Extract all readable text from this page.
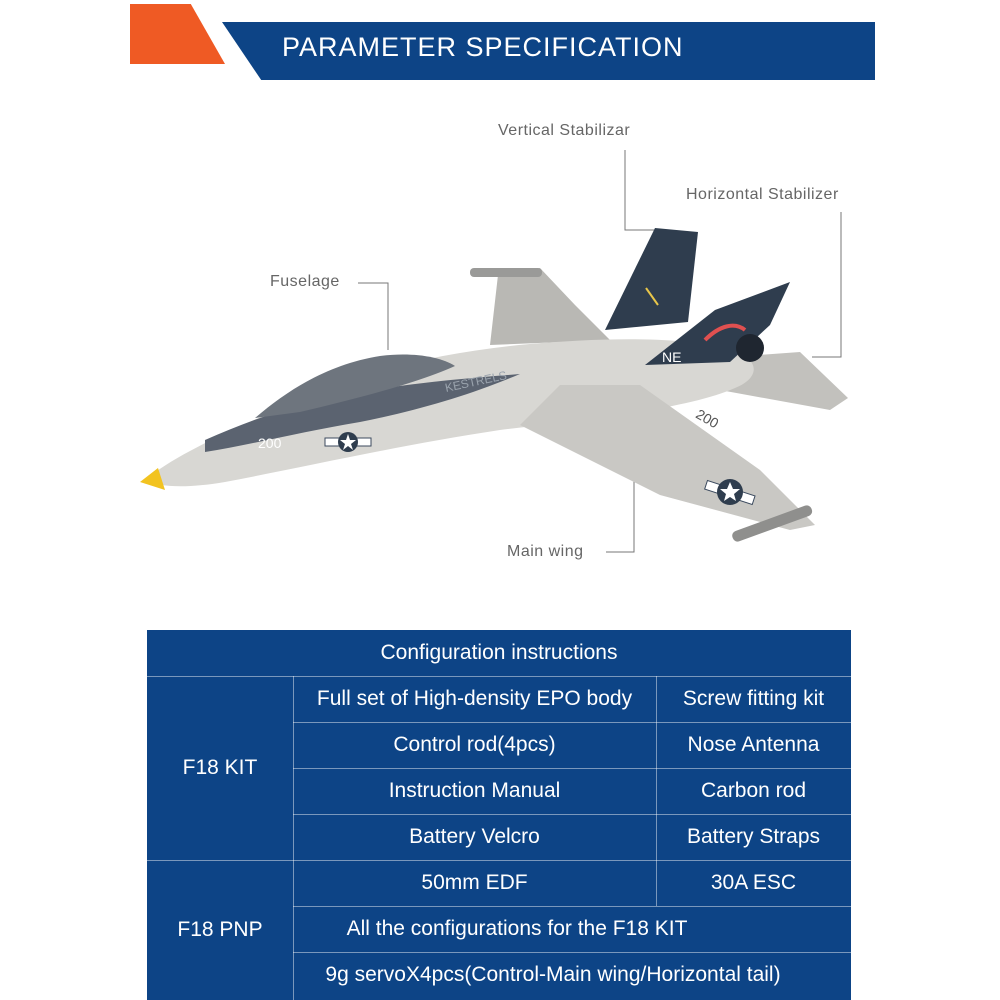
PARAMETER SPECIFICATION
200
200
KESTRELS
NE
Vertical Stabilizar
Horizontal Stabilizer
Fuselage
Main wing
Configuration instructions
F18 KIT
Full set of High-density EPO body	Screw fitting kit
Control rod(4pcs)	Nose Antenna
Instruction Manual	Carbon rod
Battery Velcro	Battery Straps
F18 PNP
50mm EDF	30A ESC
All the configurations for the F18 KIT
9g servoX4pcs(Control-Main wing/Horizontal tail)
